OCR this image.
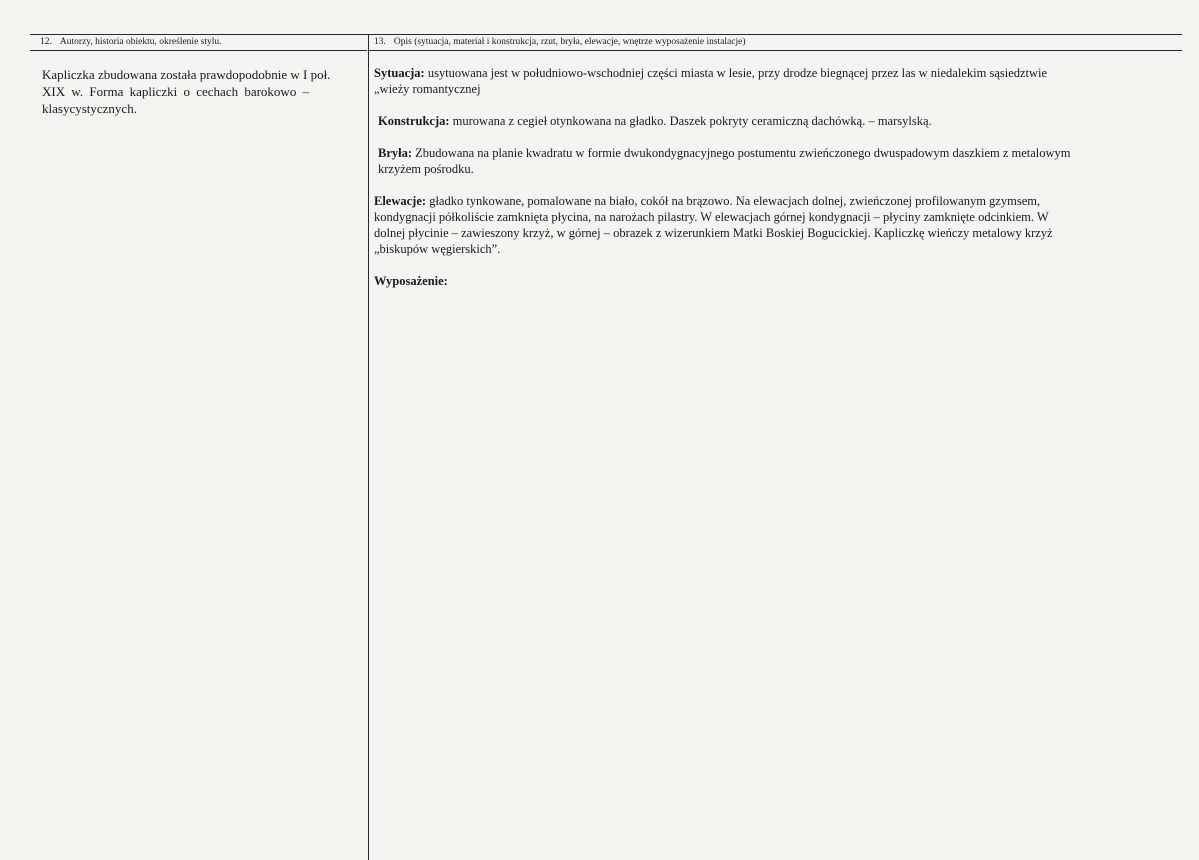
12. Autorzy, historia obiektu, określenie stylu.
Kapliczka zbudowana została prawdopodobnie w I poł.
XIX w. Forma kapliczki o cechach barokowo –
klasycystycznych.
13. Opis (sytuacja, materiał i konstrukcja, rzut, bryła, elewacje, wnętrze wyposażenie instalacje)

Sytuacja: usytuowana jest w południowo-wschodniej części miasta w lesie, przy drodze biegnącej przez las w niedalekim sąsiedztwie
„wieży romantycznej

Konstrukcja: murowana z cegieł otynkowana na gładko. Daszek pokryty ceramiczną dachówką. – marsylską.

Bryła: Zbudowana na planie kwadratu w formie dwukondygnacyjnego postumentu zwieńczonego dwuspadowym daszkiem z metalowym
krzyżem pośrodku.

Elewacje: gładko tynkowane, pomalowane na biało, cokół na brązowo. Na elewacjach dolnej, zwieńczonej profilowanym gzymsem,
kondygnacji półkoliście zamknięta płycina, na narożach pilastry. W elewacjach górnej kondygnacji – płyciny zamknięte odcinkiem. W
dolnej płycinie – zawieszony krzyż, w górnej – obrazek z wizerunkiem Matki Boskiej Bogucickiej. Kapliczkę wieńczy metalowy krzyż
„biskupów węgierskich”.

Wyposażenie:
